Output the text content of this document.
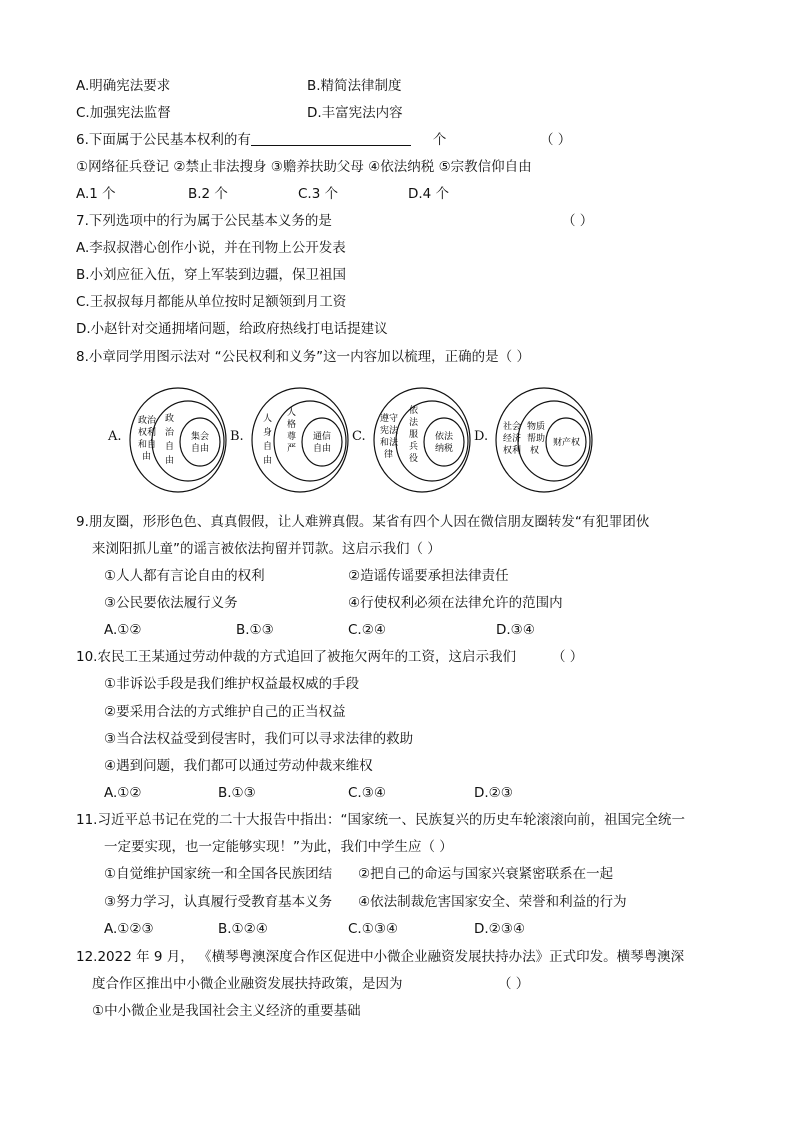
A.明确宪法要求	B.精简法律制度
C.加强宪法监督	D.丰富宪法内容
6.下面属于公民基本权利的有	个	（ ）
①网络征兵登记 ②禁止非法搜身 ③赡养扶助父母 ④依法纳税 ⑤宗教信仰自由
A.1 个	B.2 个	C.3 个	D.4 个
7.下列选项中的行为属于公民基本义务的是	（ ）
A.李叔叔潜心创作小说，并在刊物上公开发表
B.小刘应征入伍，穿上军装到边疆，保卫祖国
C.王叔叔每月都能从单位按时足额领到月工资
D.小赵针对交通拥堵问题，给政府热线打电话提建议
8.小章同学用图示法对 “公民权利和义务”这一内容加以梳理，正确的是（ ）
A.
政治
权利
和自
由
政
治
自
由
集会
自由
B.
人
身
自
由
人
格
尊
严
通信
自由
C.
遵守
宪法
和法
律
依
法
服
兵
役
依法
纳税
D.
社会
经济
权利
物质
帮助
权
财产权
9.朋友圈，形形色色、真真假假，让人难辨真假。某省有四个人因在微信朋友圈转发“有犯罪团伙
来浏阳抓儿童”的谣言被依法拘留并罚款。这启示我们（ ）
①人人都有言论自由的权利	②造谣传谣要承担法律责任
③公民要依法履行义务	④行使权利必须在法律允许的范围内
A.①②	B.①③	C.②④	D.③④
10.农民工王某通过劳动仲裁的方式追回了被拖欠两年的工资，这启示我们	（ ）
①非诉讼手段是我们维护权益最权威的手段
②要采用合法的方式维护自己的正当权益
③当合法权益受到侵害时，我们可以寻求法律的救助
④遇到问题，我们都可以通过劳动仲裁来维权
A.①②	B.①③	C.③④	D.②③
11.习近平总书记在党的二十大报告中指出：“国家统一、民族复兴的历史车轮滚滚向前，祖国完全统一
一定要实现，也一定能够实现！”为此，我们中学生应（ ）
①自觉维护国家统一和全国各民族团结 ②把自己的命运与国家兴衰紧密联系在一起
③努力学习，认真履行受教育基本义务 ④依法制裁危害国家安全、荣誉和利益的行为
A.①②③	B.①②④	C.①③④	D.②③④
12.2022 年 9 月， 《横琴粤澳深度合作区促进中小微企业融资发展扶持办法》正式印发。横琴粤澳深
度合作区推出中小微企业融资发展扶持政策，是因为	（ ）
①中小微企业是我国社会主义经济的重要基础
